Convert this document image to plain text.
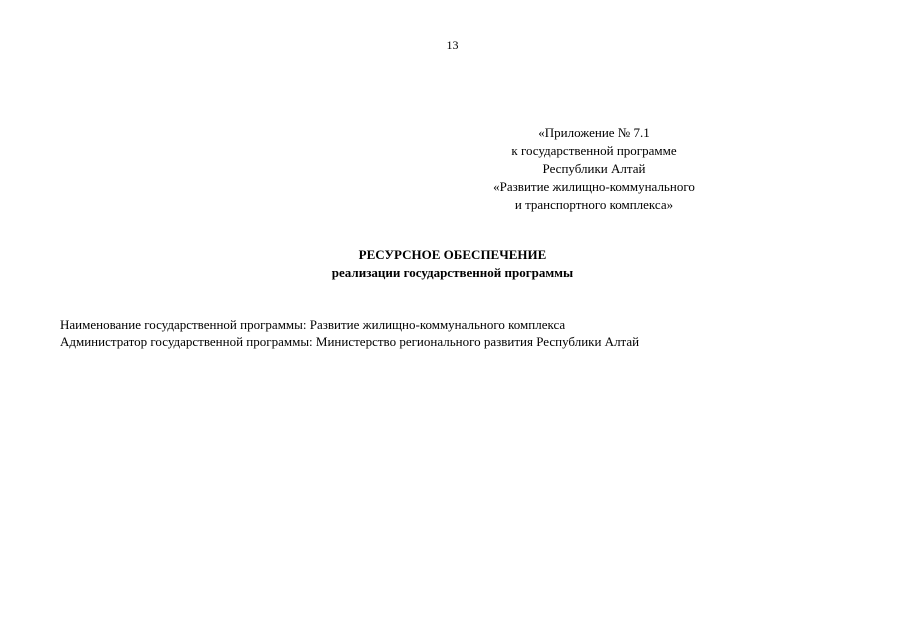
13
«Приложение № 7.1
к государственной программе
Республики Алтай
«Развитие жилищно-коммунального
и транспортного комплекса»
РЕСУРСНОЕ ОБЕСПЕЧЕНИЕ
реализации государственной программы
Наименование государственной программы: Развитие жилищно-коммунального комплекса
Администратор государственной программы: Министерство регионального развития Республики Алтай
